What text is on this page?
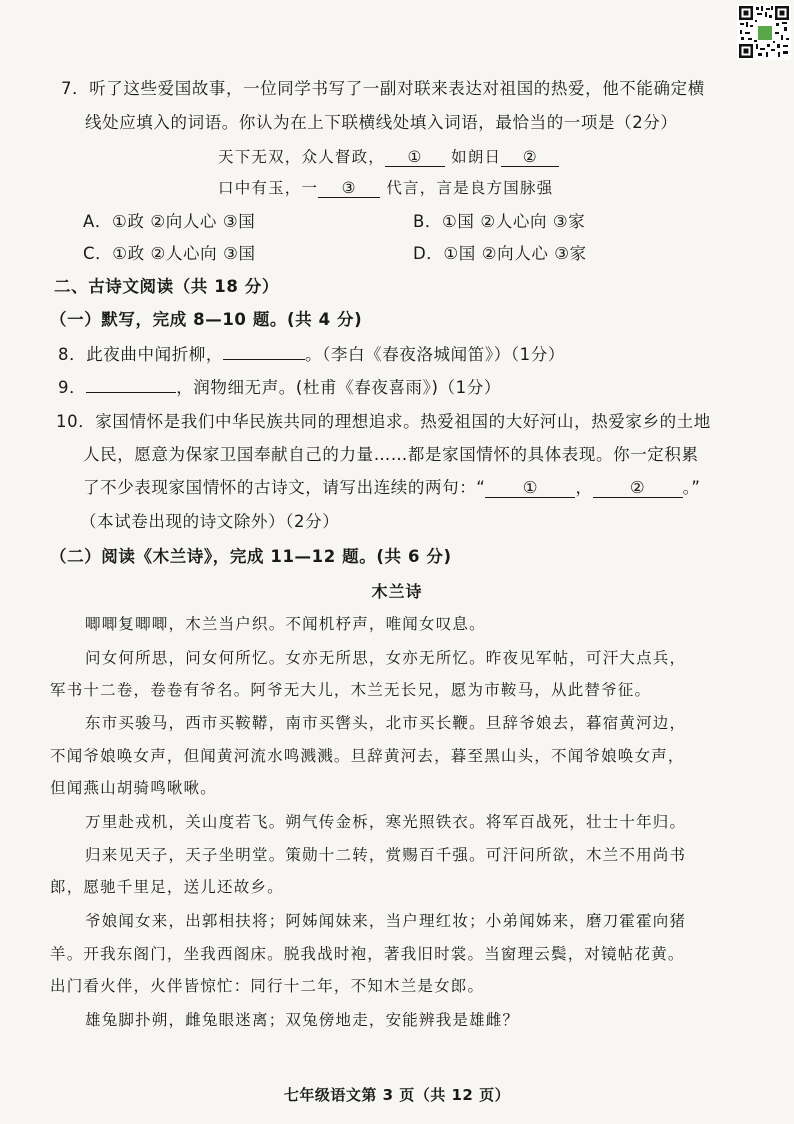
7．听了这些爱国故事，一位同学书写了一副对联来表达对祖国的热爱，他不能确定横
线处应填入的词语。你认为在上下联横线处填入词语，最恰当的一项是（2分）
天下无双，众人督政， ① 如朗日 ②
口中有玉，一 ③ 代言，言是良方国脉强
A．①政 ②向人心 ③国	B．①国 ②人心向 ③家
C．①政 ②人心向 ③国	D．①国 ②向人心 ③家
二、古诗文阅读（共 18 分）
（一）默写，完成 8—10 题。(共 4 分)
8．此夜曲中闻折柳，	。（李白《春夜洛城闻笛》）（1分）
9．	，润物细无声。(杜甫《春夜喜雨》)（1分）
10．家国情怀是我们中华民族共同的理想追求。热爱祖国的大好河山，热爱家乡的土地
人民，愿意为保家卫国奉献自己的力量……都是家国情怀的具体表现。你一定积累
了不少表现家国情怀的古诗文，请写出连续的两句：“ ① ， ② 。”
（本试卷出现的诗文除外）（2分）
（二）阅读《木兰诗》，完成 11—12 题。(共 6 分)
木兰诗
唧唧复唧唧，木兰当户织。不闻机杼声，唯闻女叹息。
问女何所思，问女何所忆。女亦无所思，女亦无所忆。昨夜见军帖，可汗大点兵，
军书十二卷，卷卷有爷名。阿爷无大儿，木兰无长兄，愿为市鞍马，从此替爷征。
东市买骏马，西市买鞍鞯，南市买辔头，北市买长鞭。旦辞爷娘去，暮宿黄河边，
不闻爷娘唤女声，但闻黄河流水鸣溅溅。旦辞黄河去，暮至黑山头，不闻爷娘唤女声，
但闻燕山胡骑鸣啾啾。
万里赴戎机，关山度若飞。朔气传金柝，寒光照铁衣。将军百战死，壮士十年归。
归来见天子，天子坐明堂。策勋十二转，赏赐百千强。可汗问所欲，木兰不用尚书
郎，愿驰千里足，送儿还故乡。
爷娘闻女来，出郭相扶将；阿姊闻妹来，当户理红妆；小弟闻姊来，磨刀霍霍向猪
羊。开我东阁门，坐我西阁床。脱我战时袍，著我旧时裳。当窗理云鬓，对镜帖花黄。
出门看火伴，火伴皆惊忙：同行十二年，不知木兰是女郎。
雄兔脚扑朔，雌兔眼迷离；双兔傍地走，安能辨我是雄雌？
七年级语文第 3 页（共 12 页）
